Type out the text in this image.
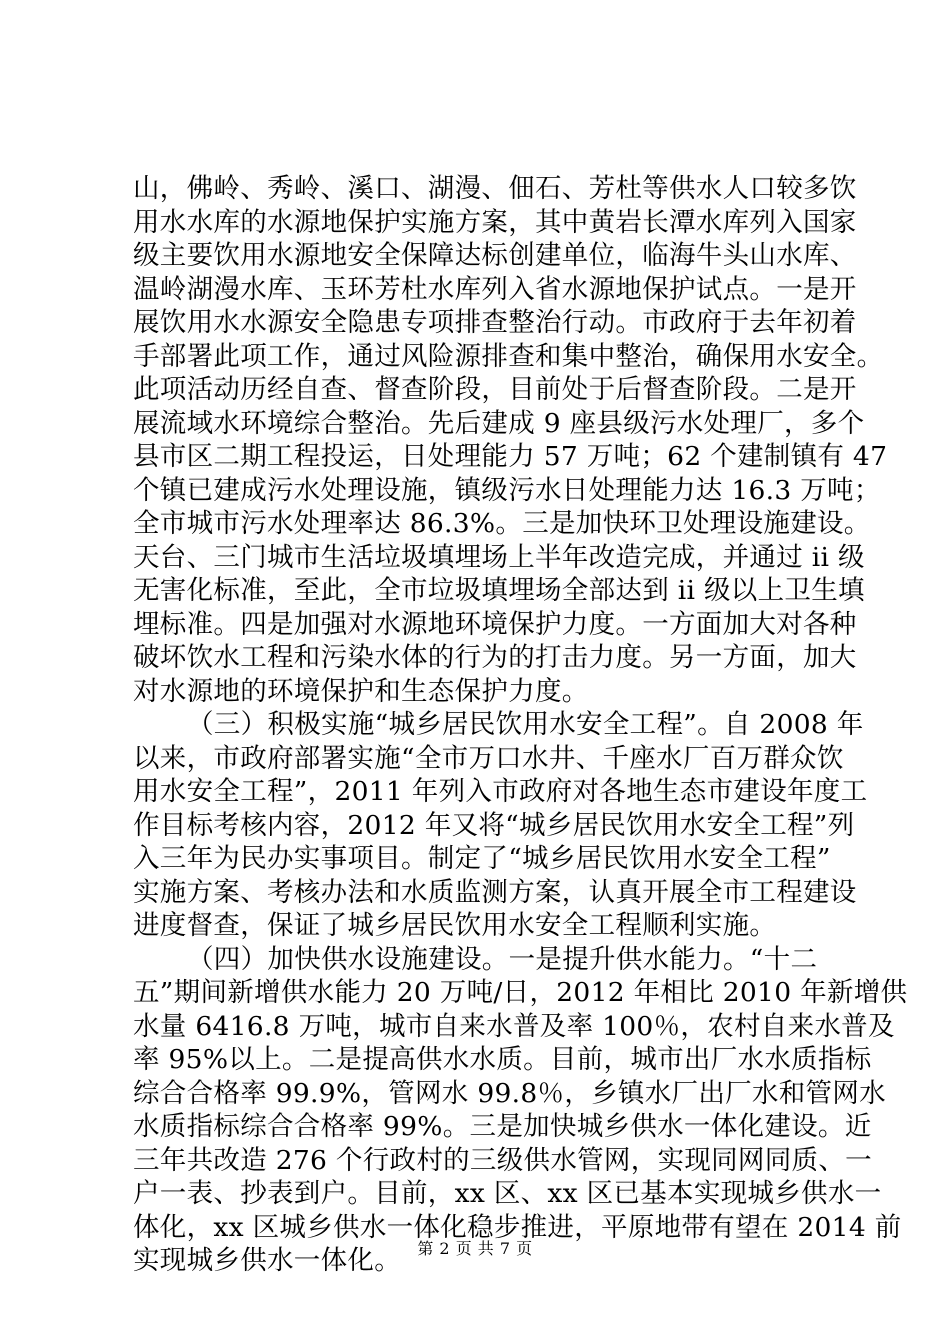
山，佛岭、秀岭、溪口、湖漫、佃石、芳杜等供水人口较多饮
用水水库的水源地保护实施方案，其中黄岩长潭水库列入国家
级主要饮用水源地安全保障达标创建单位，临海牛头山水库、
温岭湖漫水库、玉环芳杜水库列入省水源地保护试点。一是开
展饮用水水源安全隐患专项排查整治行动。市政府于去年初着
手部署此项工作，通过风险源排查和集中整治，确保用水安全。
此项活动历经自查、督查阶段，目前处于后督查阶段。二是开
展流域水环境综合整治。先后建成 9 座县级污水处理厂，多个
县市区二期工程投运，日处理能力 57 万吨；62 个建制镇有 47
个镇已建成污水处理设施，镇级污水日处理能力达 16.3 万吨；
全市城市污水处理率达 86.3%。三是加快环卫处理设施建设。
天台、三门城市生活垃圾填埋场上半年改造完成，并通过 ii 级
无害化标准，至此，全市垃圾填埋场全部达到 ii 级以上卫生填
埋标准。四是加强对水源地环境保护力度。一方面加大对各种
破坏饮水工程和污染水体的行为的打击力度。另一方面，加大
对水源地的环境保护和生态保护力度。
（三）积极实施“城乡居民饮用水安全工程”。自 2008 年
以来，市政府部署实施“全市万口水井、千座水厂百万群众饮
用水安全工程”，2011 年列入市政府对各地生态市建设年度工
作目标考核内容，2012 年又将“城乡居民饮用水安全工程”列
入三年为民办实事项目。制定了“城乡居民饮用水安全工程”
实施方案、考核办法和水质监测方案，认真开展全市工程建设
进度督查，保证了城乡居民饮用水安全工程顺利实施。
（四）加快供水设施建设。一是提升供水能力。“十二
五”期间新增供水能力 20 万吨/日，2012 年相比 2010 年新增供
水量 6416.8 万吨，城市自来水普及率 100％，农村自来水普及
率 95%以上。二是提高供水水质。目前，城市出厂水水质指标
综合合格率 99.9%，管网水 99.8％，乡镇水厂出厂水和管网水
水质指标综合合格率 99%。三是加快城乡供水一体化建设。近
三年共改造 276 个行政村的三级供水管网，实现同网同质、一
户一表、抄表到户。目前，xx 区、xx 区已基本实现城乡供水一
体化，xx 区城乡供水一体化稳步推进，平原地带有望在 2014 前
实现城乡供水一体化。	第 2 页 共 7 页
